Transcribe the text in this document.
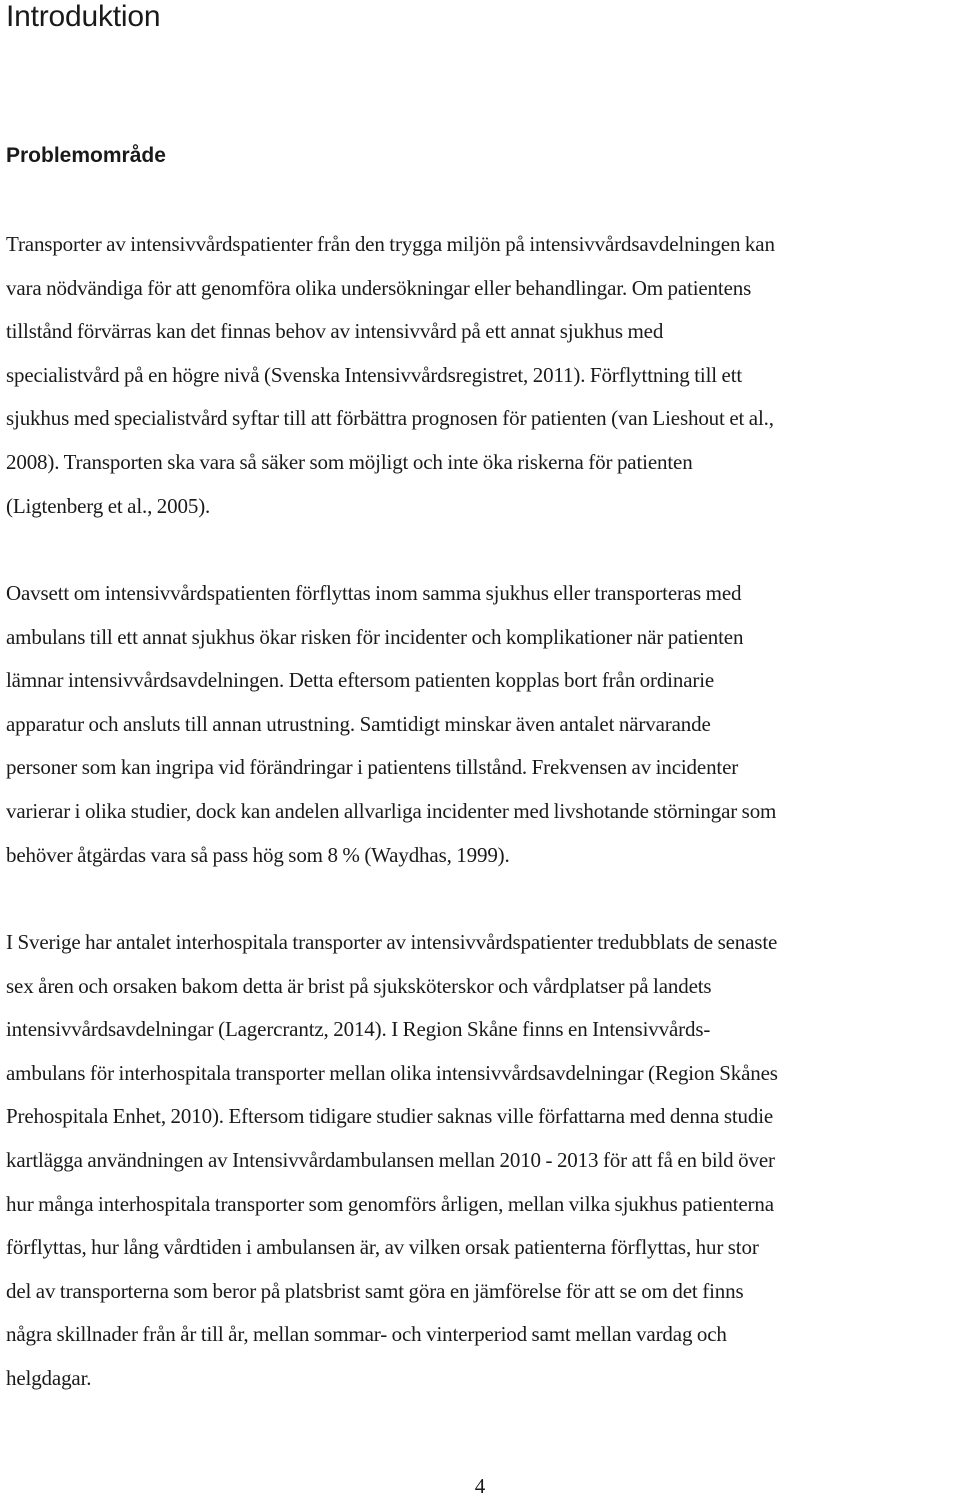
Introduktion
Problemområde
Transporter av intensivvårdspatienter från den trygga miljön på intensivvårdsavdelningen kan
vara nödvändiga för att genomföra olika undersökningar eller behandlingar. Om patientens
tillstånd förvärras kan det finnas behov av intensivvård på ett annat sjukhus med
specialistvård på en högre nivå (Svenska Intensivvårdsregistret, 2011). Förflyttning till ett
sjukhus med specialistvård syftar till att förbättra prognosen för patienten (van Lieshout et al.,
2008). Transporten ska vara så säker som möjligt och inte öka riskerna för patienten
(Ligtenberg et al., 2005).
Oavsett om intensivvårdspatienten förflyttas inom samma sjukhus eller transporteras med
ambulans till ett annat sjukhus ökar risken för incidenter och komplikationer när patienten
lämnar intensivvårdsavdelningen. Detta eftersom patienten kopplas bort från ordinarie
apparatur och ansluts till annan utrustning. Samtidigt minskar även antalet närvarande
personer som kan ingripa vid förändringar i patientens tillstånd. Frekvensen av incidenter
varierar i olika studier, dock kan andelen allvarliga incidenter med livshotande störningar som
behöver åtgärdas vara så pass hög som 8 % (Waydhas, 1999).
I Sverige har antalet interhospitala transporter av intensivvårdspatienter tredubblats de senaste
sex åren och orsaken bakom detta är brist på sjuksköterskor och vårdplatser på landets
intensivvårdsavdelningar (Lagercrantz, 2014). I Region Skåne finns en Intensivvårds-
ambulans för interhospitala transporter mellan olika intensivvårdsavdelningar (Region Skånes
Prehospitala Enhet, 2010). Eftersom tidigare studier saknas ville författarna med denna studie
kartlägga användningen av Intensivvårdambulansen mellan 2010 - 2013 för att få en bild över
hur många interhospitala transporter som genomförs årligen, mellan vilka sjukhus patienterna
förflyttas, hur lång vårdtiden i ambulansen är, av vilken orsak patienterna förflyttas, hur stor
del av transporterna som beror på platsbrist samt göra en jämförelse för att se om det finns
några skillnader från år till år, mellan sommar- och vinterperiod samt mellan vardag och
helgdagar.
4
